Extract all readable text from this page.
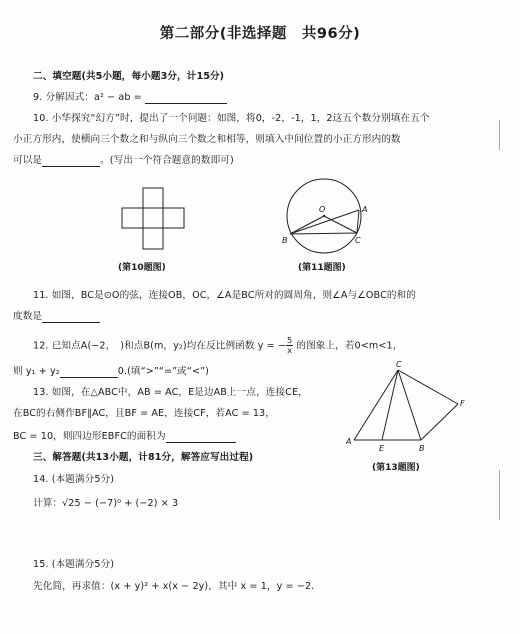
第二部分(非选择题　共96分)
二、填空题(共5小题，每小题3分，计15分)
9. 分解因式：a² − ab =
10. 小华探究“幻方”时，提出了一个问题：如图，将0，-2，-1，1，2这五个数分别填在五个
小正方形内，使横向三个数之和与纵向三个数之和相等，则填入中间位置的小正方形内的数
可以是	。(写出一个符合题意的数即可)
(第10题图)
O	A
B	C
(第11题图)
11. 如图，BC是⊙O的弦，连接OB，OC，∠A是BC所对的圆周角，则∠A与∠OBC的和的
度数是
12. 已知点A(−2，　)和点B(m，y₂)均在反比例函数 y = − $\frac{5}{x}$ 的图象上，若0<m<1，
则 y₁ + y₂	0.(填“>”“=”或“<”)
13. 如图，在△ABC中，AB = AC，E是边AB上一点，连接CE，
在BC的右侧作BF∥AC，且BF = AE，连接CF，若AC = 13，
BC = 10，则四边形EBFC的面积为	A
C
E	B
F
(第13题图)
三、解答题(共13小题，计81分，解答应写出过程)
14. (本题满分5分)
计算：√25 − (−7)⁰ + (−2) × 3
15. (本题满分5分)
先化简，再求值：(x + y)² + x(x − 2y)，其中 x = 1，y = −2.
